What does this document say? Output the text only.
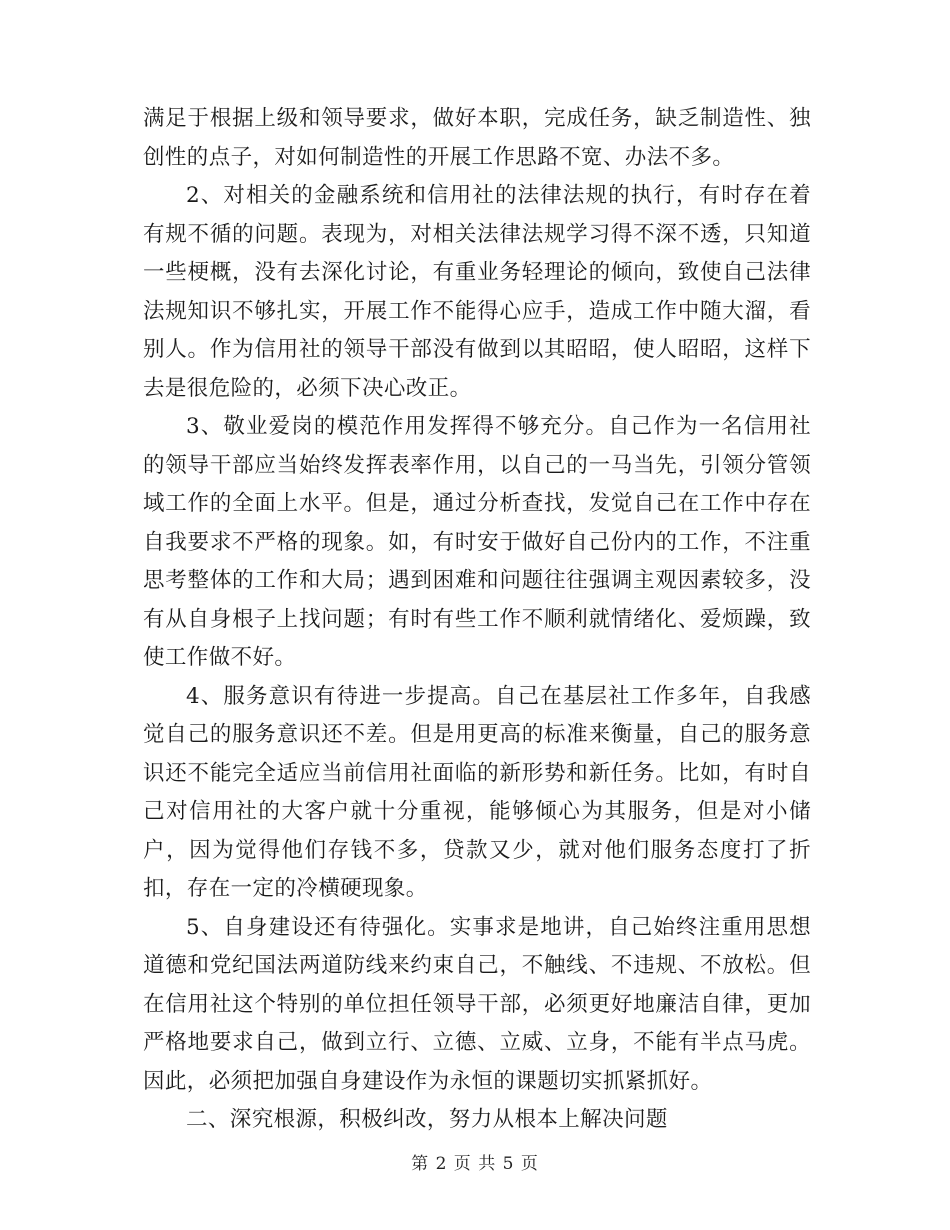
满足于根据上级和领导要求，做好本职，完成任务，缺乏制造性、独创性的点子，对如何制造性的开展工作思路不宽、办法不多。

2、对相关的金融系统和信用社的法律法规的执行，有时存在着有规不循的问题。表现为，对相关法律法规学习得不深不透，只知道一些梗概，没有去深化讨论，有重业务轻理论的倾向，致使自己法律法规知识不够扎实，开展工作不能得心应手，造成工作中随大溜，看别人。作为信用社的领导干部没有做到以其昭昭，使人昭昭，这样下去是很危险的，必须下决心改正。

3、敬业爱岗的模范作用发挥得不够充分。自己作为一名信用社的领导干部应当始终发挥表率作用，以自己的一马当先，引领分管领域工作的全面上水平。但是，通过分析查找，发觉自己在工作中存在自我要求不严格的现象。如，有时安于做好自己份内的工作，不注重思考整体的工作和大局；遇到困难和问题往往强调主观因素较多，没有从自身根子上找问题；有时有些工作不顺利就情绪化、爱烦躁，致使工作做不好。

4、服务意识有待进一步提高。自己在基层社工作多年，自我感觉自己的服务意识还不差。但是用更高的标准来衡量，自己的服务意识还不能完全适应当前信用社面临的新形势和新任务。比如，有时自己对信用社的大客户就十分重视，能够倾心为其服务，但是对小储户，因为觉得他们存钱不多，贷款又少，就对他们服务态度打了折扣，存在一定的冷横硬现象。

5、自身建设还有待强化。实事求是地讲，自己始终注重用思想道德和党纪国法两道防线来约束自己，不触线、不违规、不放松。但在信用社这个特别的单位担任领导干部，必须更好地廉洁自律，更加严格地要求自己，做到立行、立德、立威、立身，不能有半点马虎。因此，必须把加强自身建设作为永恒的课题切实抓紧抓好。

二、深究根源，积极纠改，努力从根本上解决问题

第 2 页 共 5 页
